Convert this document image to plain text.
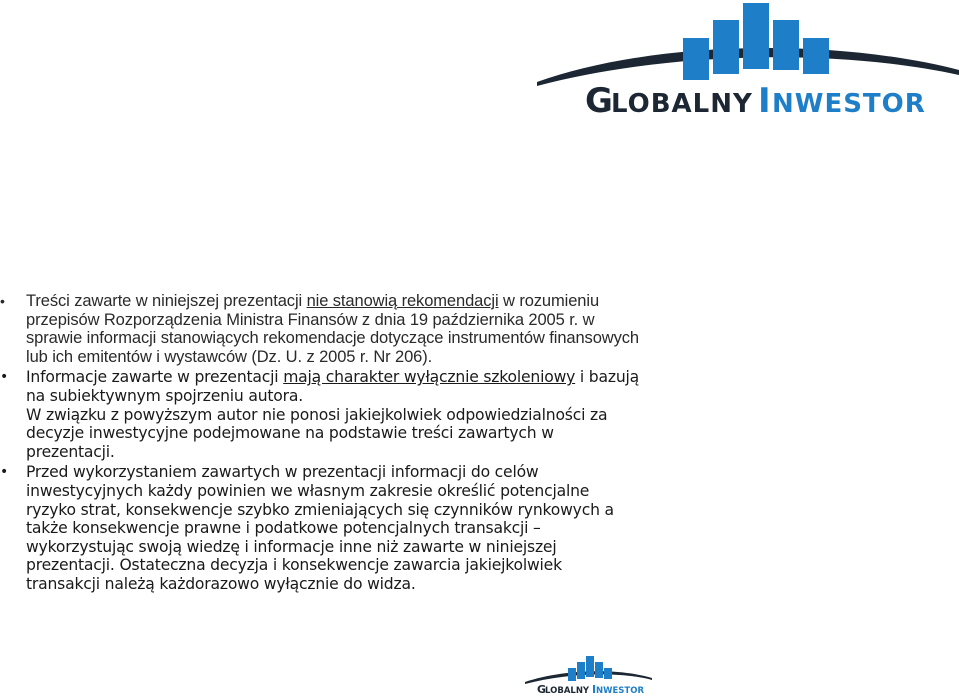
G
LOBALNY I NWESTOR
• Treści zawarte w niniejszej prezentacji nie stanowią rekomendacji w rozumieniu przepisów Rozporządzenia Ministra Finansów z dnia 19 października 2005 r. w sprawie informacji stanowiących rekomendacje dotyczące instrumentów finansowych lub ich emitentów i wystawców (Dz. U. z 2005 r. Nr 206).
• Informacje zawarte w prezentacji mają charakter wyłącznie szkoleniowy i bazują na subiektywnym spojrzeniu autora.
W związku z powyższym autor nie ponosi jakiejkolwiek odpowiedzialności za decyzje inwestycyjne podejmowane na podstawie treści zawartych w prezentacji.
• Przed wykorzystaniem zawartych w prezentacji informacji do celów inwestycyjnych każdy powinien we własnym zakresie określić potencjalne ryzyko strat, konsekwencje szybko zmieniających się czynników rynkowych a także konsekwencje prawne i podatkowe potencjalnych transakcji – wykorzystując swoją wiedzę i informacje inne niż zawarte w niniejszej prezentacji. Ostateczna decyzja i konsekwencje zawarcia jakiejkolwiek transakcji należą każdorazowo wyłącznie do widza.
G
LOBALNY I NWESTOR
